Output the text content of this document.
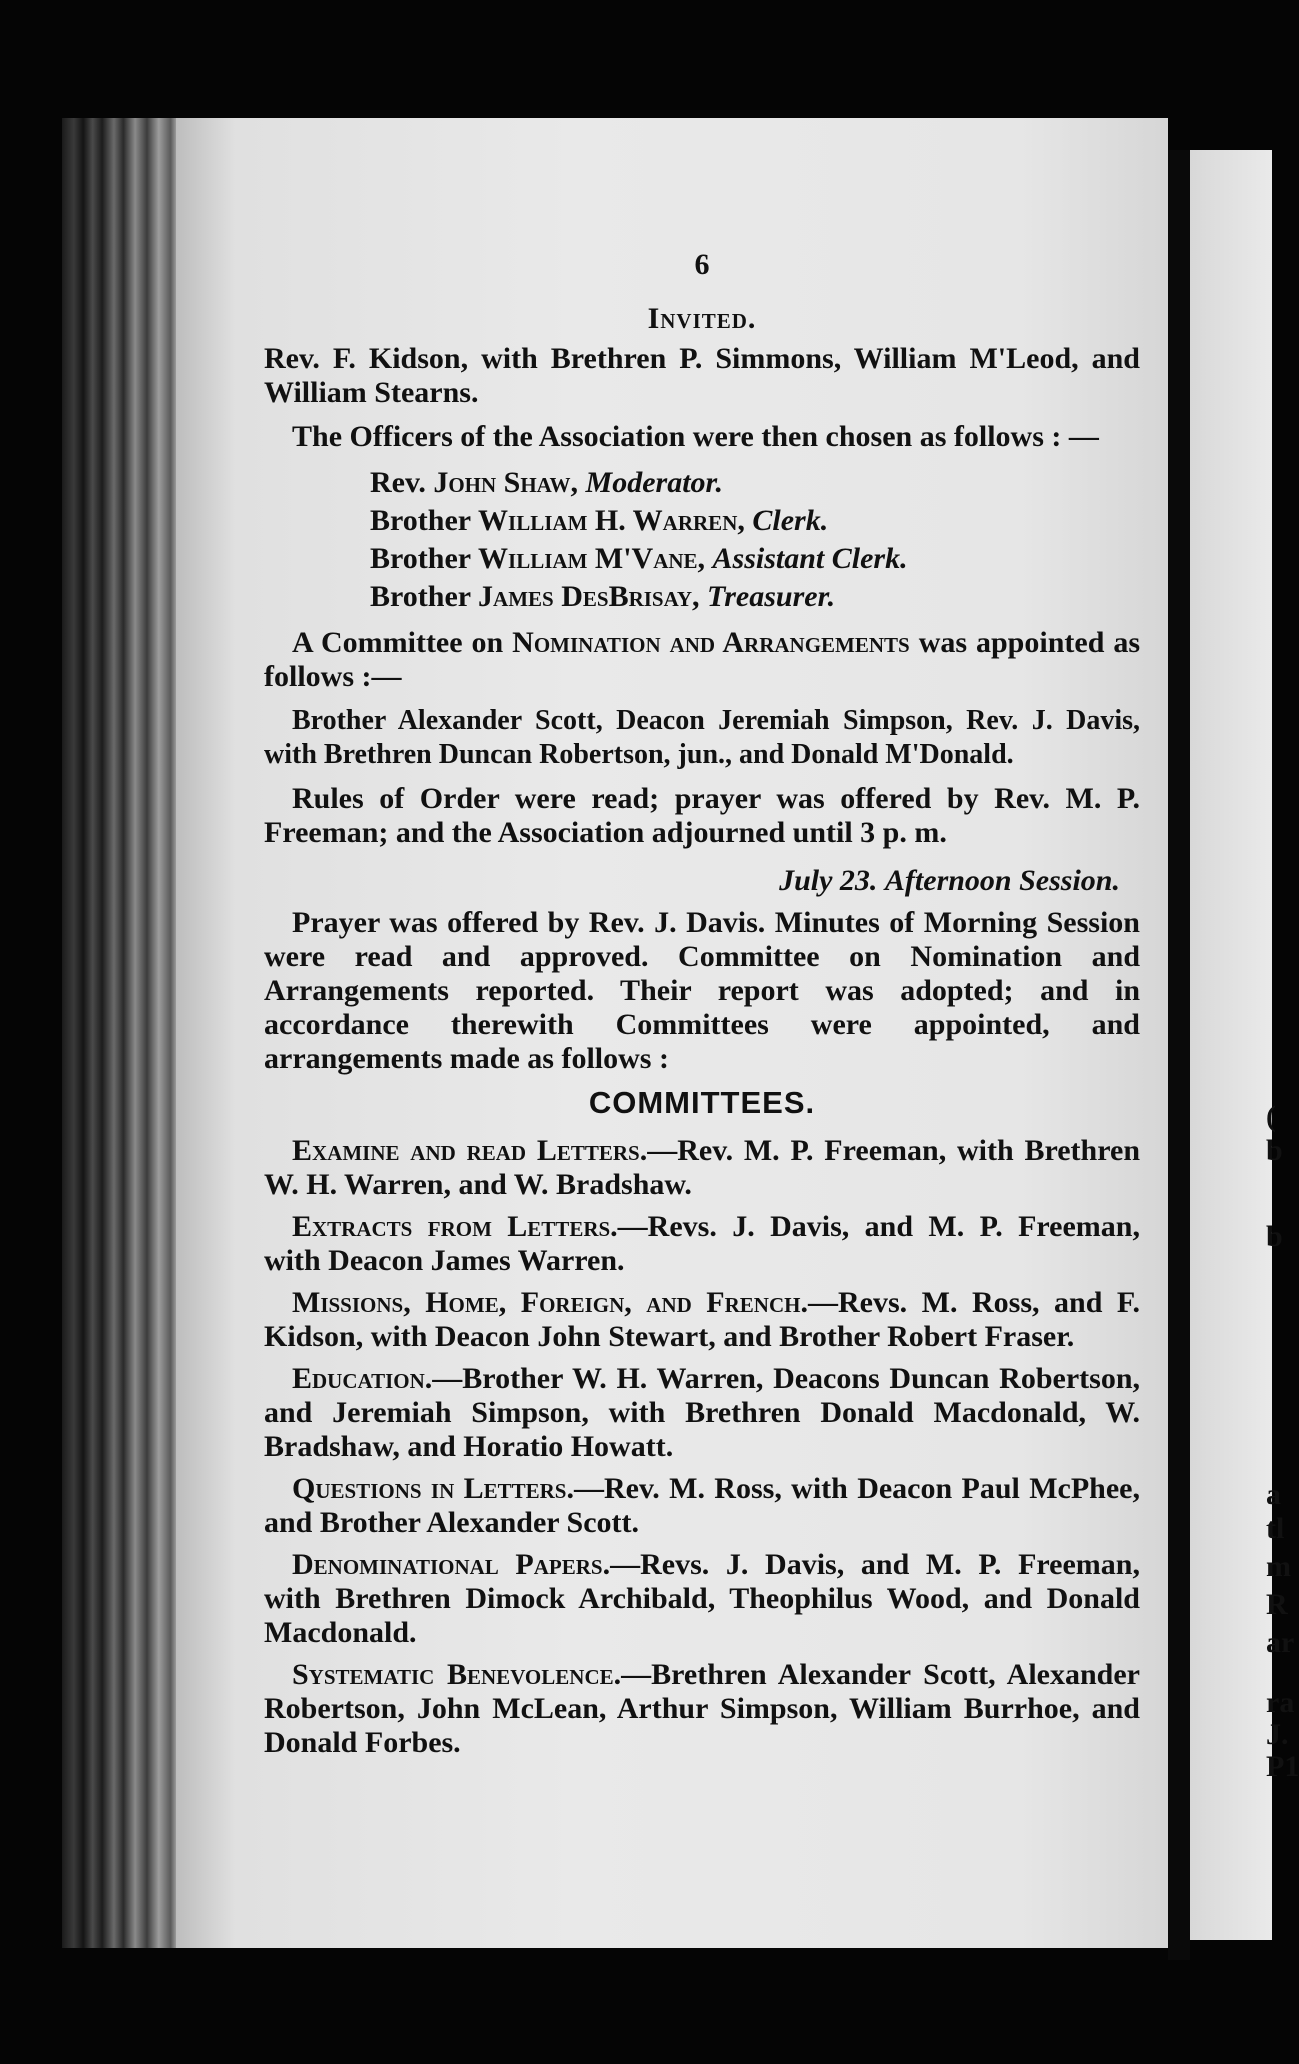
(
b
b
a
tl
m
R
ar
ra
J.
P1
6
Invited.

Rev. F. Kidson, with Brethren P. Simmons, William M'Leod, and William Stearns.

The Officers of the Association were then chosen as follows : —

Rev. John Shaw, Moderator.
Brother William H. Warren, Clerk.
Brother William M'Vane, Assistant Clerk.
Brother James DesBrisay, Treasurer.

A Committee on Nomination and Arrangements was appointed as follows :—

Brother Alexander Scott, Deacon Jeremiah Simpson, Rev. J. Davis, with Brethren Duncan Robertson, jun., and Donald M'Donald.

Rules of Order were read; prayer was offered by Rev. M. P. Freeman; and the Association adjourned until 3 p. m.

July 23. Afternoon Session.

Prayer was offered by Rev. J. Davis. Minutes of Morning Session were read and approved. Committee on Nomination and Arrangements reported. Their report was adopted; and in accordance therewith Committees were appointed, and arrangements made as follows :

COMMITTEES.

Examine and read Letters.—Rev. M. P. Freeman, with Brethren W. H. Warren, and W. Bradshaw.

Extracts from Letters.—Revs. J. Davis, and M. P. Freeman, with Deacon James Warren.

Missions, Home, Foreign, and French.—Revs. M. Ross, and F. Kidson, with Deacon John Stewart, and Brother Robert Fraser.

Education.—Brother W. H. Warren, Deacons Duncan Robertson, and Jeremiah Simpson, with Brethren Donald Macdonald, W. Bradshaw, and Horatio Howatt.

Questions in Letters.—Rev. M. Ross, with Deacon Paul McPhee, and Brother Alexander Scott.

Denominational Papers.—Revs. J. Davis, and M. P. Freeman, with Brethren Dimock Archibald, Theophilus Wood, and Donald Macdonald.

Systematic Benevolence.—Brethren Alexander Scott, Alexander Robertson, John McLean, Arthur Simpson, William Burrhoe, and Donald Forbes.
